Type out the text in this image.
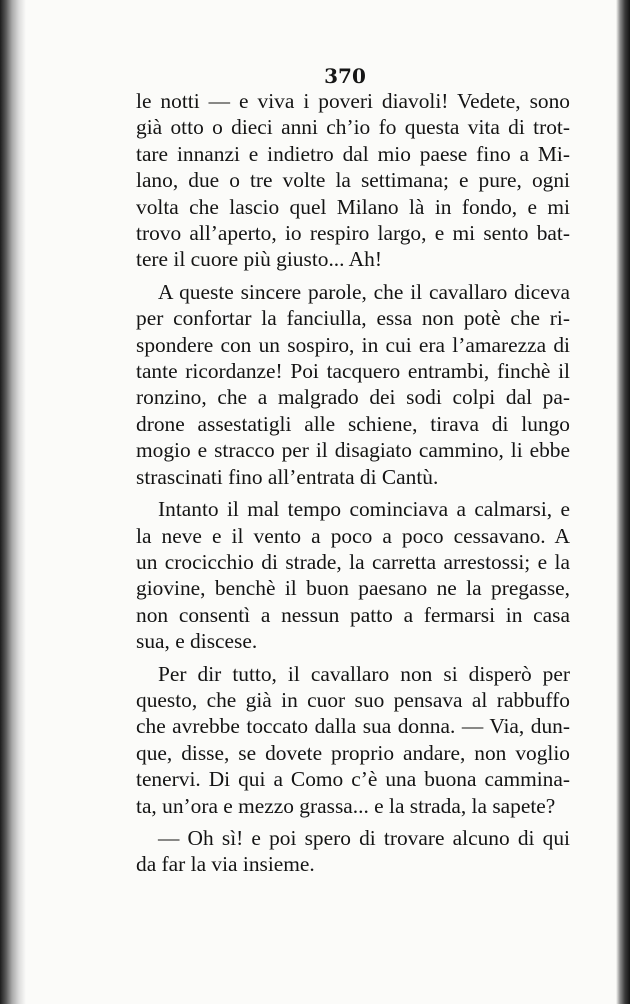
370
le notti — e viva i poveri diavoli! Vedete, sono
già otto o dieci anni ch’io fo questa vita di trot-
tare innanzi e indietro dal mio paese fino a Mi-
lano, due o tre volte la settimana; e pure, ogni
volta che lascio quel Milano là in fondo, e mi
trovo all’aperto, io respiro largo, e mi sento bat-
tere il cuore più giusto... Ah!
A queste sincere parole, che il cavallaro diceva
per confortar la fanciulla, essa non potè che ri-
spondere con un sospiro, in cui era l’amarezza di
tante ricordanze! Poi tacquero entrambi, finchè il
ronzino, che a malgrado dei sodi colpi dal pa-
drone assestatigli alle schiene, tirava di lungo
mogio e stracco per il disagiato cammino, li ebbe
strascinati fino all’entrata di Cantù.
Intanto il mal tempo cominciava a calmarsi, e
la neve e il vento a poco a poco cessavano. A
un crocicchio di strade, la carretta arrestossi; e la
giovine, benchè il buon paesano ne la pregasse,
non consentì a nessun patto a fermarsi in casa
sua, e discese.
Per dir tutto, il cavallaro non si disperò per
questo, che già in cuor suo pensava al rabbuffo
che avrebbe toccato dalla sua donna. — Via, dun-
que, disse, se dovete proprio andare, non voglio
tenervi. Di qui a Como c’è una buona cammina-
ta, un’ora e mezzo grassa... e la strada, la sapete?
— Oh sì! e poi spero di trovare alcuno di qui
da far la via insieme.
